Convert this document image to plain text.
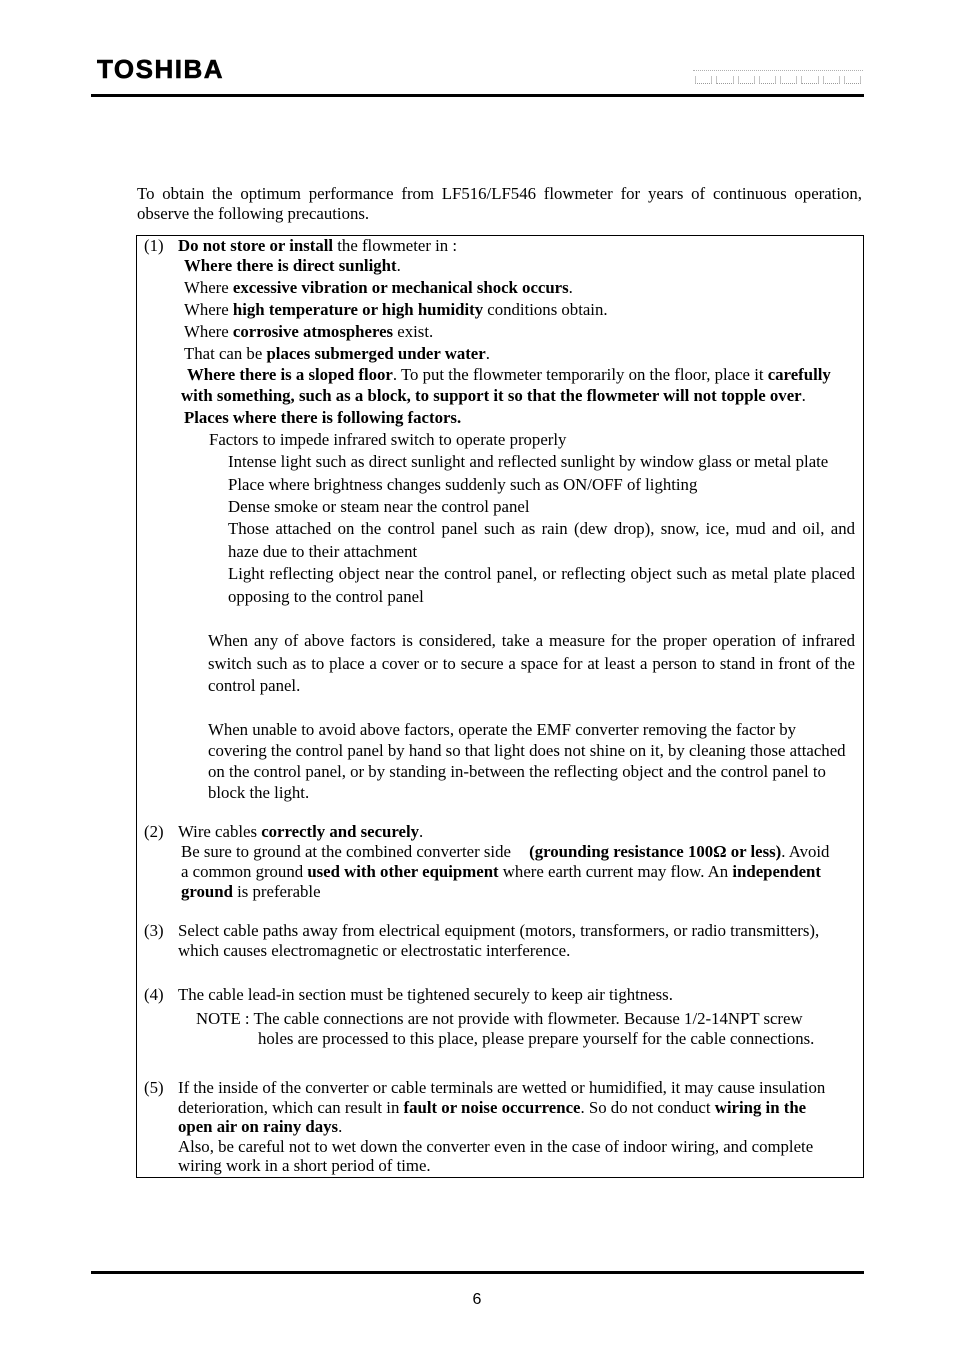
TOSHIBA
To obtain the optimum performance from LF516/LF546 flowmeter for years of continuous operation,
observe the following precautions.
(1) Do not store or install the flowmeter in :
Where there is direct sunlight.
Where excessive vibration or mechanical shock occurs.
Where high temperature or high humidity conditions obtain.
Where corrosive atmospheres exist.
That can be places submerged under water.
Where there is a sloped floor. To put the flowmeter temporarily on the floor, place it carefully
with something, such as a block, to support it so that the flowmeter will not topple over.
Places where there is following factors.
Factors to impede infrared switch to operate properly
Intense light such as direct sunlight and reflected sunlight by window glass or metal plate
Place where brightness changes suddenly such as ON/OFF of lighting
Dense smoke or steam near the control panel
Those attached on the control panel such as rain (dew drop), snow, ice, mud and oil, and
haze due to their attachment
Light reflecting object near the control panel, or reflecting object such as metal plate placed
opposing to the control panel
When any of above factors is considered, take a measure for the proper operation of infrared
switch such as to place a cover or to secure a space for at least a person to stand in front of the
control panel.
When unable to avoid above factors, operate the EMF converter removing the factor by
covering the control panel by hand so that light does not shine on it, by cleaning those attached
on the control panel, or by standing in-between the reflecting object and the control panel to
block the light.
(2) Wire cables correctly and securely.
Be sure to ground at the combined converter side (grounding resistance 100Ω or less). Avoid
a common ground used with other equipment where earth current may flow. An independent
ground is preferable
(3) Select cable paths away from electrical equipment (motors, transformers, or radio transmitters),
which causes electromagnetic or electrostatic interference.
(4) The cable lead-in section must be tightened securely to keep air tightness.
NOTE : The cable connections are not provide with flowmeter. Because 1/2-14NPT screw
holes are processed to this place, please prepare yourself for the cable connections.
(5) If the inside of the converter or cable terminals are wetted or humidified, it may cause insulation
deterioration, which can result in fault or noise occurrence. So do not conduct wiring in the
open air on rainy days.
Also, be careful not to wet down the converter even in the case of indoor wiring, and complete
wiring work in a short period of time.
6
